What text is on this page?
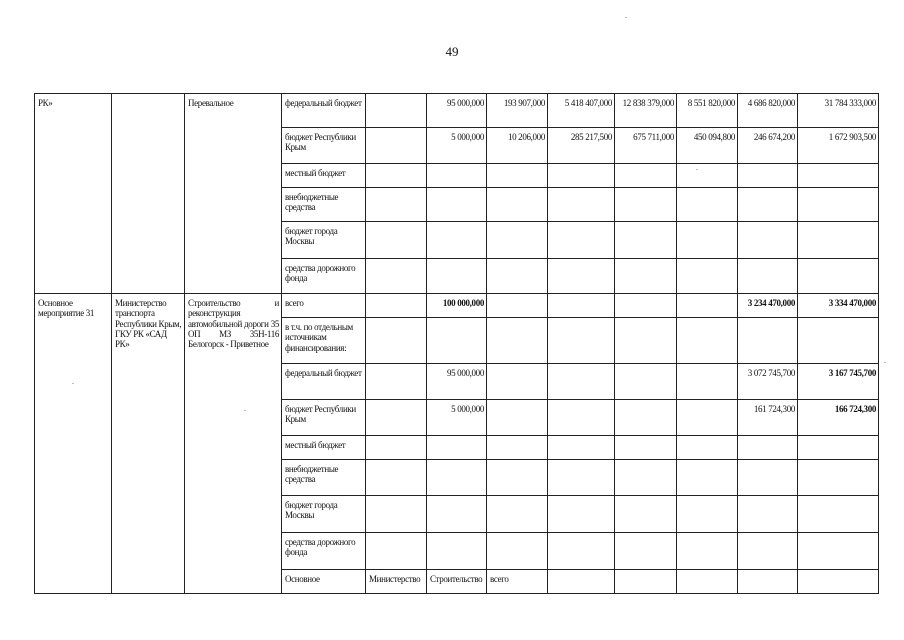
49
РК»		Перевальное	федеральный бюджет		95 000,000	193 907,000	5 418 407,000	12 838 379,000	8 551 820,000	4 686 820,000	31 784 333,000	
			бюджет Республики Крым		5 000,000	10 206,000	285 217,500	675 711,000	450 094,800	246 674,200	1 672 903,500	
			местный бюджет									
			внебюджетные средства									
			бюджет города Москвы									
			средства дорожного фонда									
Основное мероприятие 31	Министерство транспорта Республики Крым, ГКУ РК «САД РК»	Строительство и реконструкция автомобильной дороги 35 ОП МЗ 35Н-116 Белогорск - Приветное	всего		100 000,000					3 234 470,000	3 334 470,000	
			в т.ч. по отдельным источникам финансирования:									
			федеральный бюджет		95 000,000					3 072 745,700	3 167 745,700	
			бюджет Республики Крым		5 000,000					161 724,300	166 724,300	
			местный бюджет									
			внебюджетные средства									
			бюджет города Москвы									
			средства дорожного фонда									
			Основное	Министерство	Строительство	всего								
